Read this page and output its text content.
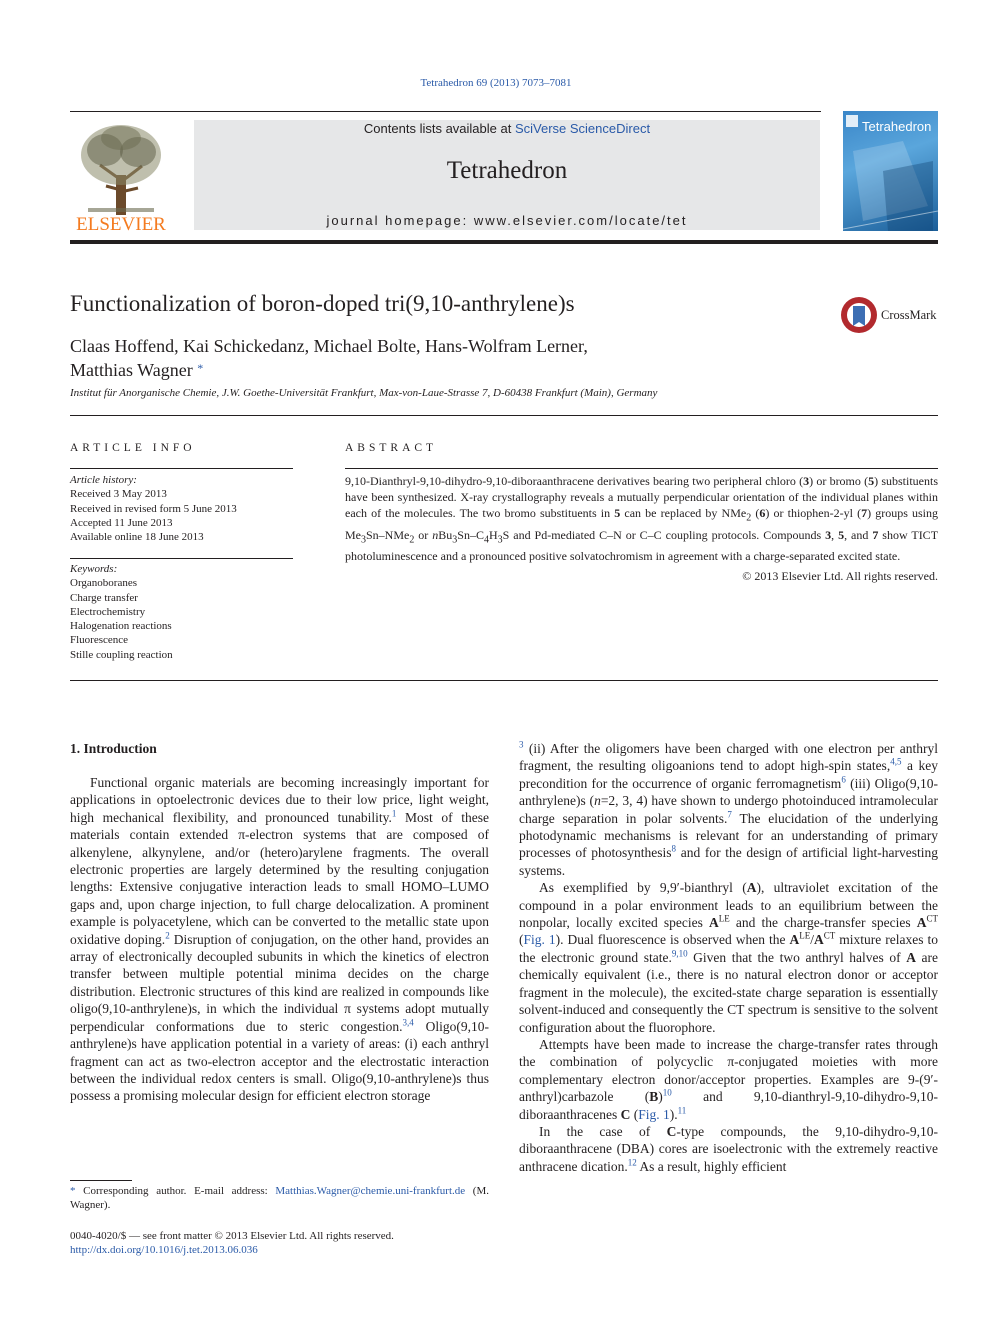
Tetrahedron 69 (2013) 7073–7081
ELSEVIER
Contents lists available at SciVerse ScienceDirect
Tetrahedron
journal homepage: www.elsevier.com/locate/tet
Tetrahedron
Functionalization of boron-doped tri(9,10-anthrylene)s	CrossMark
Claas Hoffend, Kai Schickedanz, Michael Bolte, Hans-Wolfram Lerner,
Matthias Wagner *
Institut für Anorganische Chemie, J.W. Goethe-Universität Frankfurt, Max-von-Laue-Strasse 7, D-60438 Frankfurt (Main), Germany
ARTICLE INFO
Article history:
Received 3 May 2013
Received in revised form 5 June 2013
Accepted 11 June 2013
Available online 18 June 2013
Keywords:
Organoboranes
Charge transfer
Electrochemistry
Halogenation reactions
Fluorescence
Stille coupling reaction
ABSTRACT
9,10-Dianthryl-9,10-dihydro-9,10-diboraanthracene derivatives bearing two peripheral chloro (3) or bromo (5) substituents have been synthesized. X-ray crystallography reveals a mutually perpendicular orientation of the individual planes within each of the molecules. The two bromo substituents in 5 can be replaced by NMe$_2$ (6) or thiophen-2-yl (7) groups using $Me_3Sn-NMe_2$ or $nBu_3Sn-C_4H_3S$ and Pd-mediated C–N or C–C coupling protocols. Compounds 3, 5, and 7 show TICT photoluminescence and a pronounced positive solvatochromism in agreement with a charge-separated excited state.
© 2013 Elsevier Ltd. All rights reserved.
1. Introduction

Functional organic materials are becoming increasingly important for applications in optoelectronic devices due to their low price, light weight, high mechanical flexibility, and pronounced tunability.$^1$ Most of these materials contain extended π-electron systems that are composed of alkenylene, alkynylene, and/or (hetero)arylene fragments. The overall electronic properties are largely determined by the resulting conjugation lengths: Extensive conjugative interaction leads to small HOMO–LUMO gaps and, upon charge injection, to full charge delocalization. A prominent example is polyacetylene, which can be converted to the metallic state upon oxidative doping.$^2$ Disruption of conjugation, on the other hand, provides an array of electronically decoupled subunits in which the kinetics of electron transfer between multiple potential minima decides on the charge distribution. Electronic structures of this kind are realized in compounds like oligo(9,10-anthrylene)s, in which the individual π systems adopt mutually perpendicular conformations due to steric congestion.$^{3,4}$ Oligo(9,10-anthrylene)s have application potential in a variety of areas: (i) each anthryl fragment can act as two-electron acceptor and the electrostatic interaction between the individual redox centers is small. Oligo(9,10-anthrylene)s thus possess a promising molecular design for efficient electron storage

$^3$ (ii) After the oligomers have been charged with one electron per anthryl fragment, the resulting oligoanions tend to adopt high-spin states,$^{4,5}$ a key precondition for the occurrence of organic ferromagnetism$^6$ (iii) Oligo(9,10-anthrylene)s (n=2, 3, 4) have shown to undergo photoinduced intramolecular charge separation in polar solvents.$^7$ The elucidation of the underlying photodynamic mechanisms is relevant for an understanding of primary processes of photosynthesis$^8$ and for the design of artificial light-harvesting systems.

As exemplified by 9,9′-bianthryl (A), ultraviolet excitation of the compound in a polar environment leads to an equilibrium between the nonpolar, locally excited species $A^{LE}$ and the charge-transfer species $A^{CT}$ (Fig. 1). Dual fluorescence is observed when the $A^{LE}/A^{CT}$ mixture relaxes to the electronic ground state.$^{9,10}$ Given that the two anthryl halves of A are chemically equivalent (i.e., there is no natural electron donor or acceptor fragment in the molecule), the excited-state charge separation is essentially solvent-induced and consequently the CT spectrum is sensitive to the solvent configuration about the fluorophore.

Attempts have been made to increase the charge-transfer rates through the combination of polycyclic π-conjugated moieties with more complementary electron donor/acceptor properties. Examples are 9-(9′-anthryl)carbazole (B)$^{10}$ and 9,10-dianthryl-9,10-dihydro-9,10-diboraanthracenes C (Fig. 1).$^{11}$

In the case of C-type compounds, the 9,10-dihydro-9,10-diboraanthracene (DBA) cores are isoelectronic with the extremely reactive anthracene dication.$^{12}$ As a result, highly efficient

* Corresponding author. E-mail address: Matthias.Wagner@chemie.uni-frankfurt.de (M. Wagner).
0040-4020/$ — see front matter © 2013 Elsevier Ltd. All rights reserved.
http://dx.doi.org/10.1016/j.tet.2013.06.036
